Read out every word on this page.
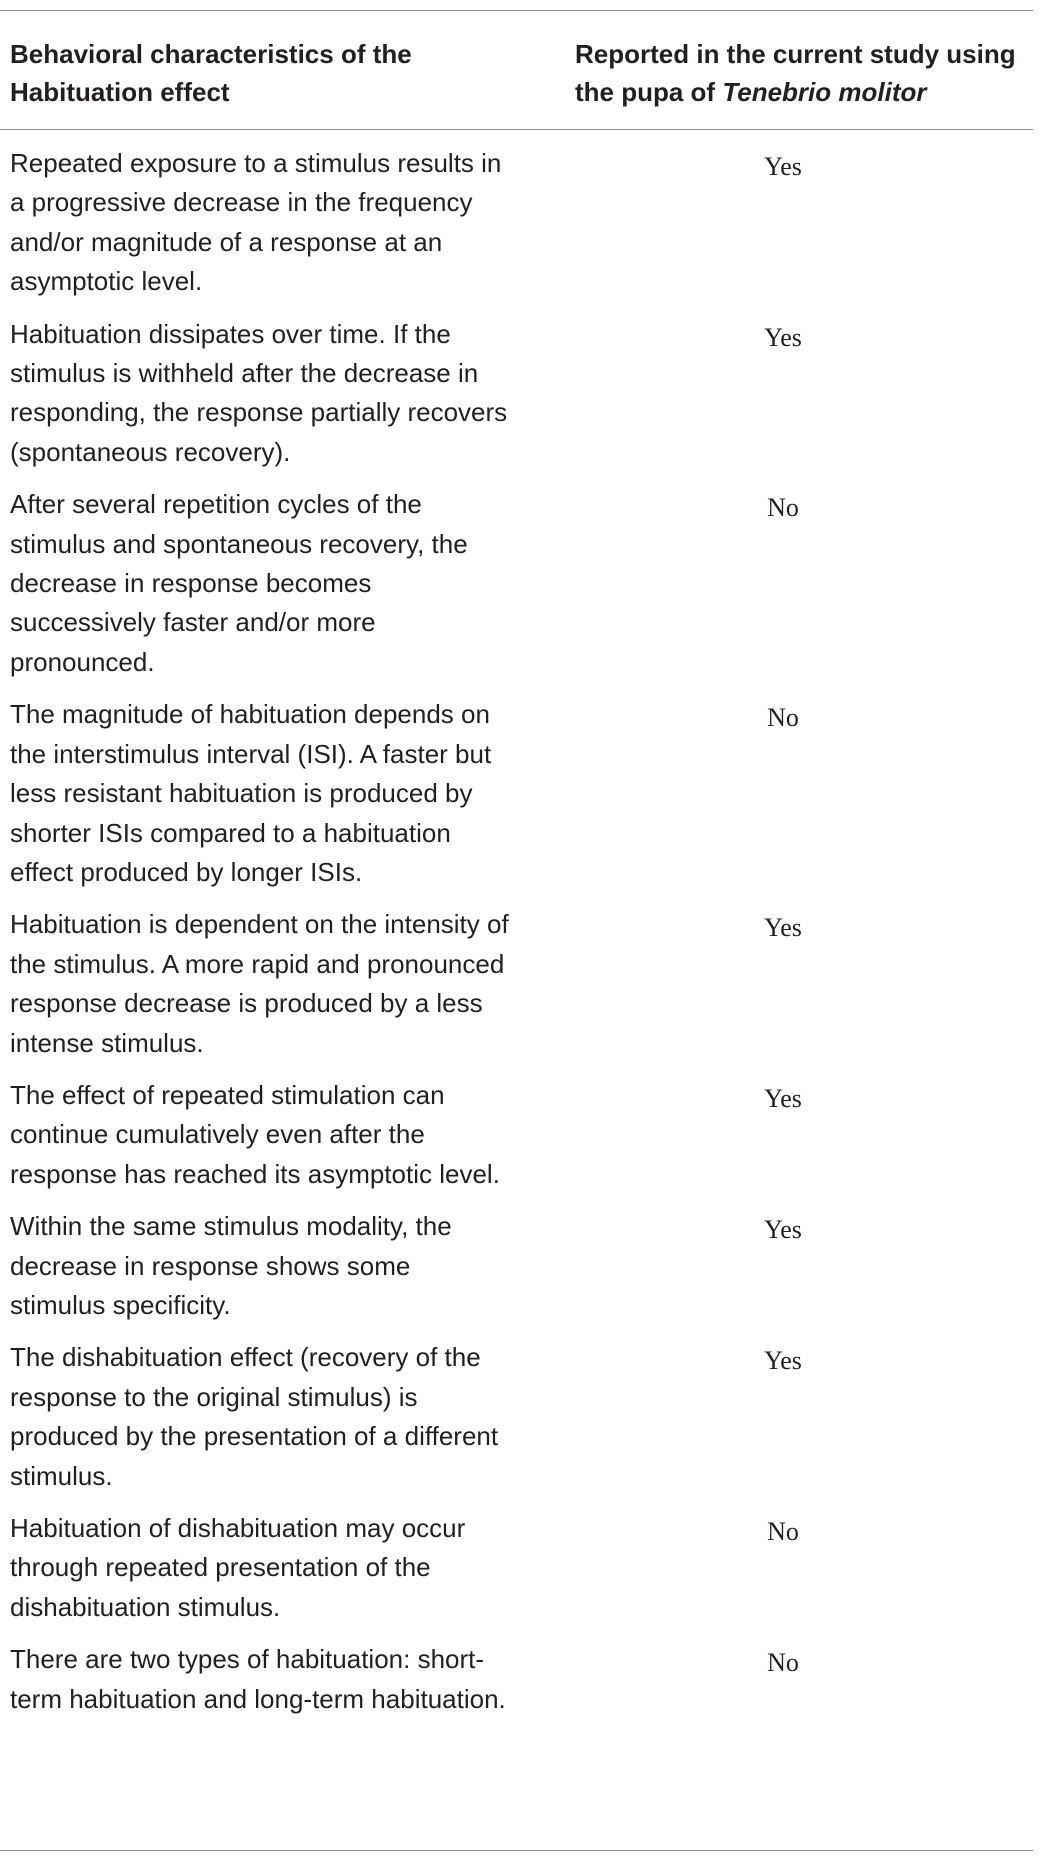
Behavioral characteristics of the Habituation effect
Reported in the current study using the pupa of Tenebrio molitor
Repeated exposure to a stimulus results in a progressive decrease in the frequency and/or magnitude of a response at an asymptotic level.
Yes
Habituation dissipates over time. If the stimulus is withheld after the decrease in responding, the response partially recovers (spontaneous recovery).
Yes
After several repetition cycles of the stimulus and spontaneous recovery, the decrease in response becomes successively faster and/or more pronounced.
No
The magnitude of habituation depends on the interstimulus interval (ISI). A faster but less resistant habituation is produced by shorter ISIs compared to a habituation effect produced by longer ISIs.
No
Habituation is dependent on the intensity of the stimulus. A more rapid and pronounced response decrease is produced by a less intense stimulus.
Yes
The effect of repeated stimulation can continue cumulatively even after the response has reached its asymptotic level.
Yes
Within the same stimulus modality, the decrease in response shows some stimulus specificity.
Yes
The dishabituation effect (recovery of the response to the original stimulus) is produced by the presentation of a different stimulus.
Yes
Habituation of dishabituation may occur through repeated presentation of the dishabituation stimulus.
No
There are two types of habituation: short-term habituation and long-term habituation.
No
